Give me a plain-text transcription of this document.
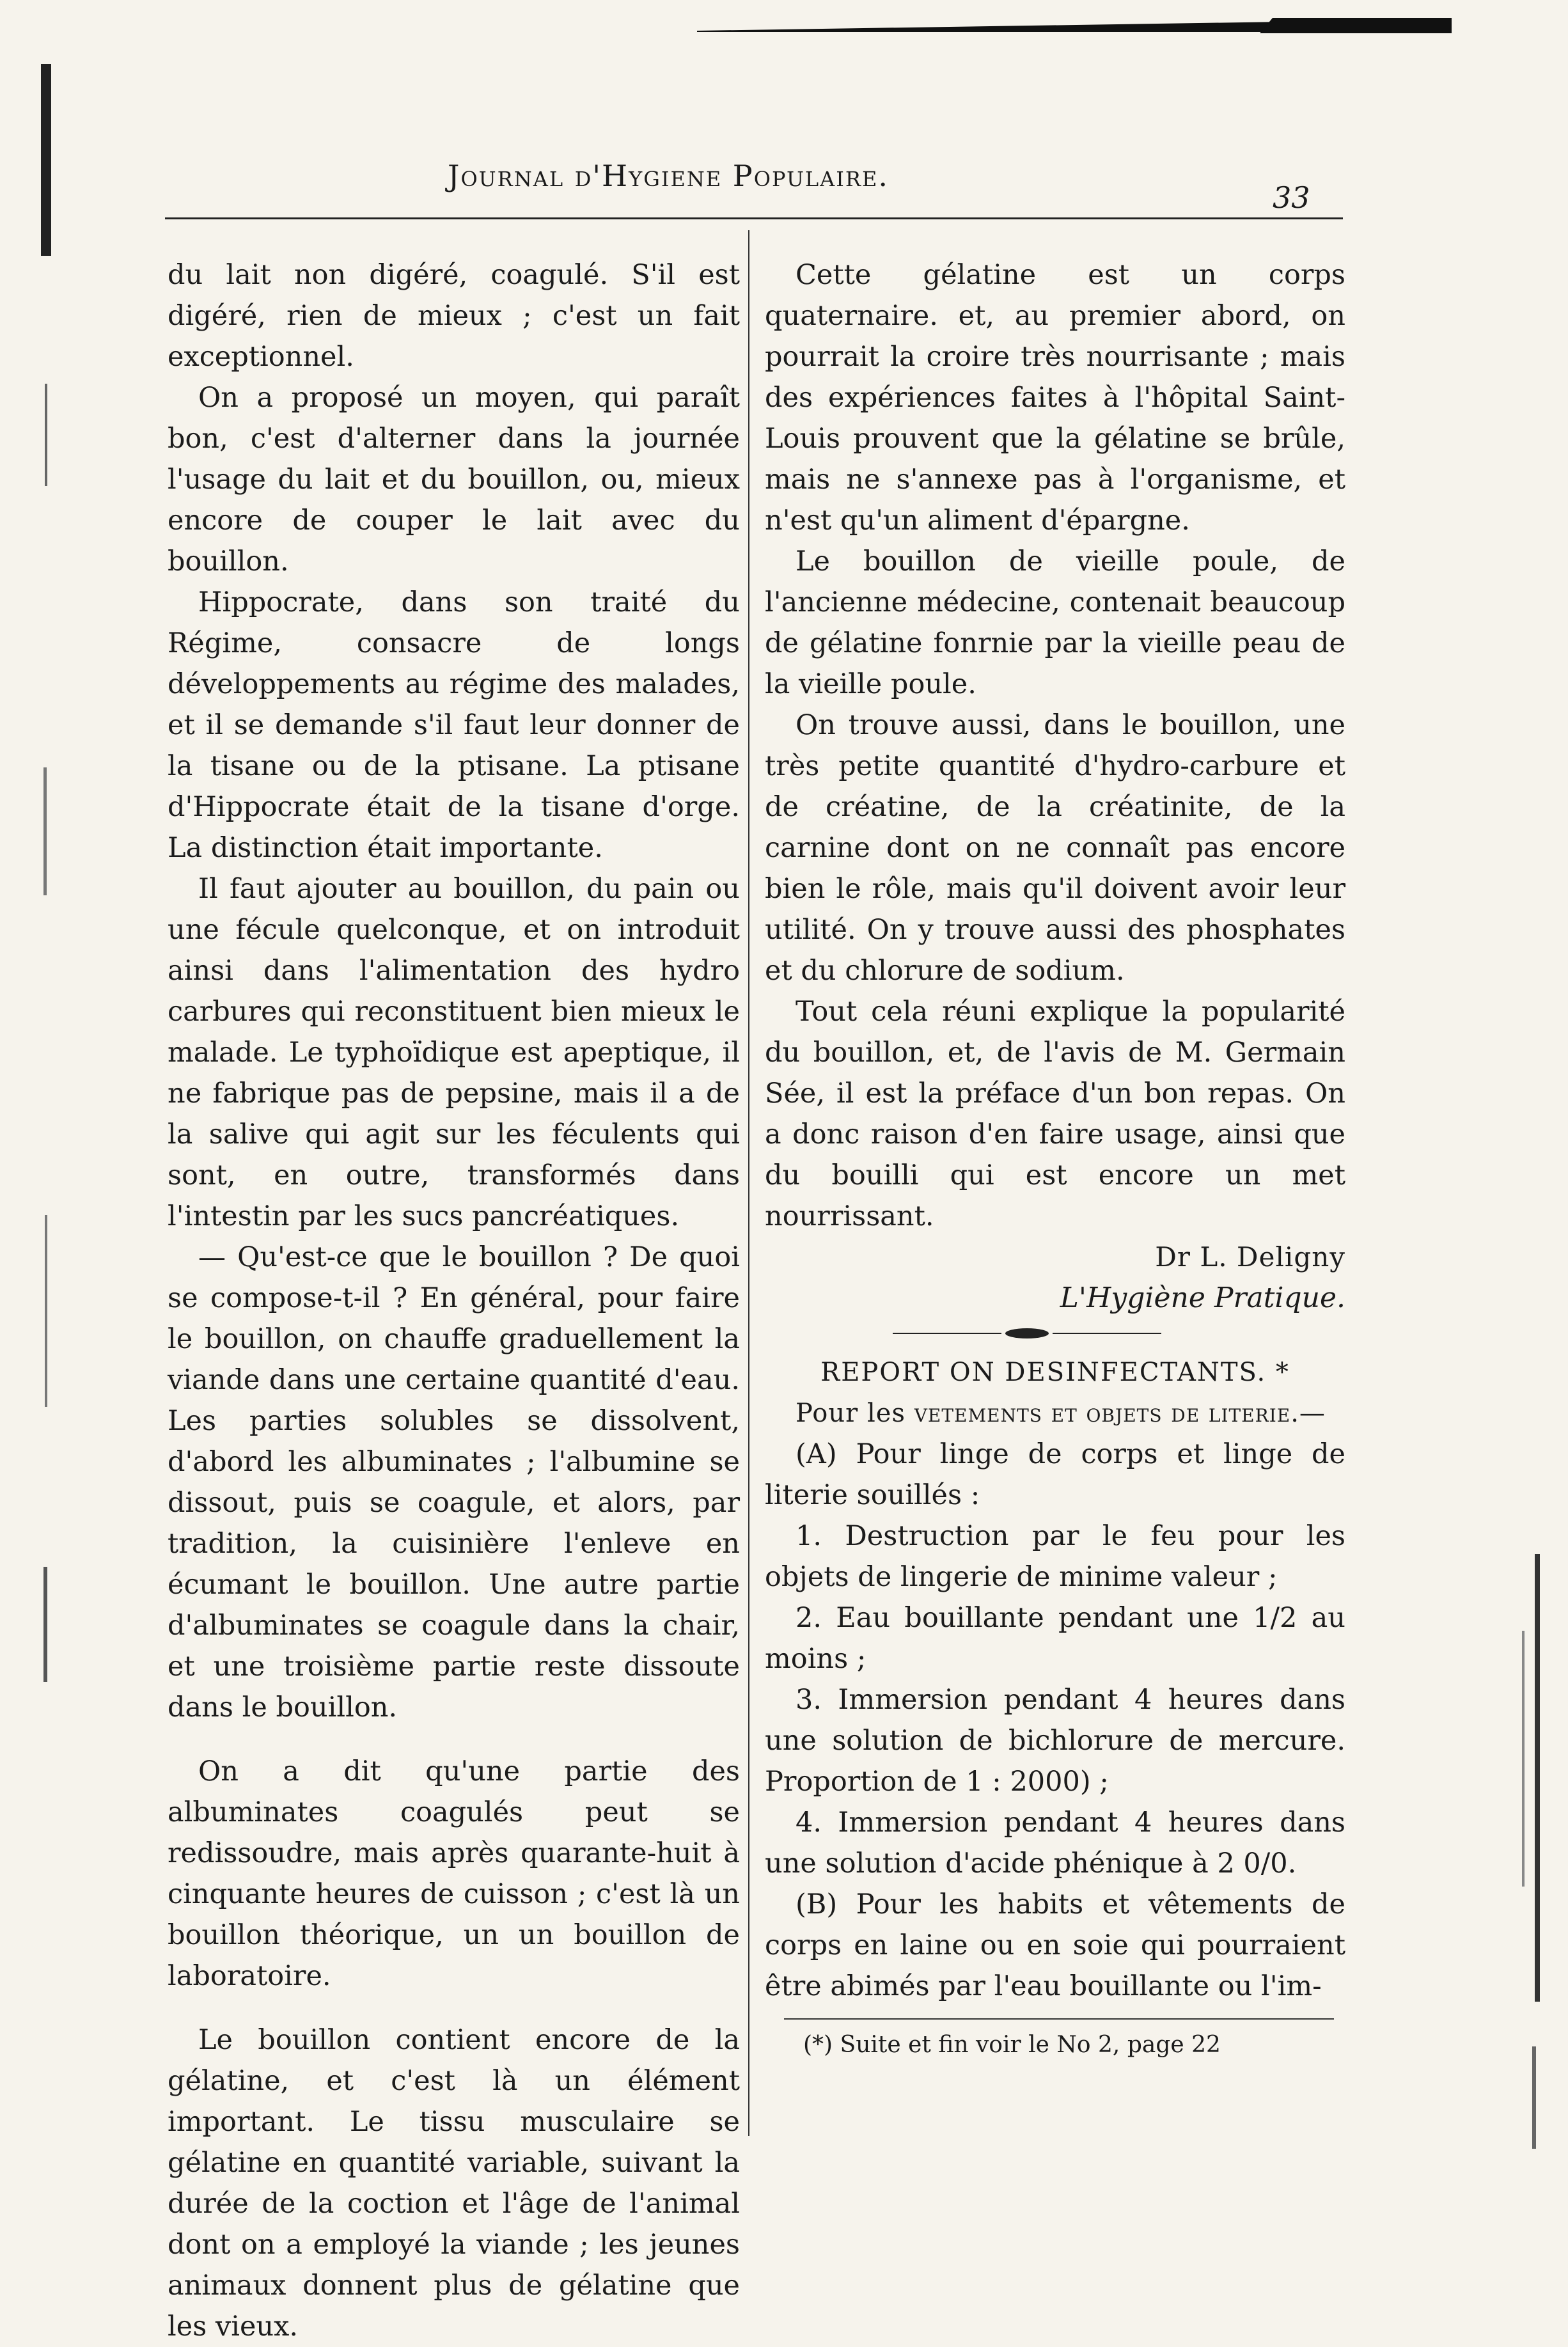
Journal d'Hygiene Populaire.
33

du lait non digéré, coagulé. S'il est digéré, rien de mieux ; c'est un fait exceptionnel.

On a proposé un moyen, qui paraît bon, c'est d'alterner dans la journée l'usage du lait et du bouillon, ou, mieux encore de couper le lait avec du bouillon.

Hippocrate, dans son traité du Régime, consacre de longs développements au régime des malades, et il se demande s'il faut leur donner de la tisane ou de la ptisane. La ptisane d'Hippocrate était de la tisane d'orge. La distinction était importante.

Il faut ajouter au bouillon, du pain ou une fécule quelconque, et on introduit ainsi dans l'alimentation des hydro carbures qui reconstituent bien mieux le malade. Le typhoïdique est apeptique, il ne fabrique pas de pepsine, mais il a de la salive qui agit sur les féculents qui sont, en outre, transformés dans l'intestin par les sucs pancréatiques.

— Qu'est-ce que le bouillon ? De quoi se compose-t-il ? En général, pour faire le bouillon, on chauffe graduellement la viande dans une certaine quantité d'eau. Les parties solubles se dissolvent, d'abord les albuminates ; l'albumine se dissout, puis se coagule, et alors, par tradition, la cuisinière l'enleve en écumant le bouillon. Une autre partie d'albuminates se coagule dans la chair, et une troisième partie reste dissoute dans le bouillon.

On a dit qu'une partie des albuminates coagulés peut se redissoudre, mais après quarante-huit à cinquante heures de cuisson ; c'est là un bouillon théorique, un un bouillon de laboratoire.

Le bouillon contient encore de la gélatine, et c'est là un élément important. Le tissu musculaire se gélatine en quantité variable, suivant la durée de la coction et l'âge de l'animal dont on a employé la viande ; les jeunes animaux donnent plus de gélatine que les vieux.

Cette gélatine est un corps quaternaire. et, au premier abord, on pourrait la croire très nourrisante ; mais des expériences faites à l'hôpital Saint-Louis prouvent que la gélatine se brûle, mais ne s'annexe pas à l'organisme, et n'est qu'un aliment d'épargne.

Le bouillon de vieille poule, de l'ancienne médecine, contenait beaucoup de gélatine fonrnie par la vieille peau de la vieille poule.

On trouve aussi, dans le bouillon, une très petite quantité d'hydro-carbure et de créatine, de la créatinite, de la carnine dont on ne connaît pas encore bien le rôle, mais qu'il doivent avoir leur utilité. On y trouve aussi des phosphates et du chlorure de sodium.

Tout cela réuni explique la popularité du bouillon, et, de l'avis de M. Germain Sée, il est la préface d'un bon repas. On a donc raison d'en faire usage, ainsi que du bouilli qui est encore un met nourrissant.

Dr L. Deligny

L'Hygiène Pratique.

REPORT ON DESINFECTANTS. *

Pour les vetements et objets de literie.—

(A) Pour linge de corps et linge de literie souillés :

1. Destruction par le feu pour les objets de lingerie de minime valeur ;

2. Eau bouillante pendant une 1/2 au moins ;

3. Immersion pendant 4 heures dans une solution de bichlorure de mercure. Proportion de 1 : 2000) ;

4. Immersion pendant 4 heures dans une solution d'acide phénique à 2 0/0.

(B) Pour les habits et vêtements de corps en laine ou en soie qui pourraient être abimés par l'eau bouillante ou l'im-

(*) Suite et fin voir le No 2, page 22
